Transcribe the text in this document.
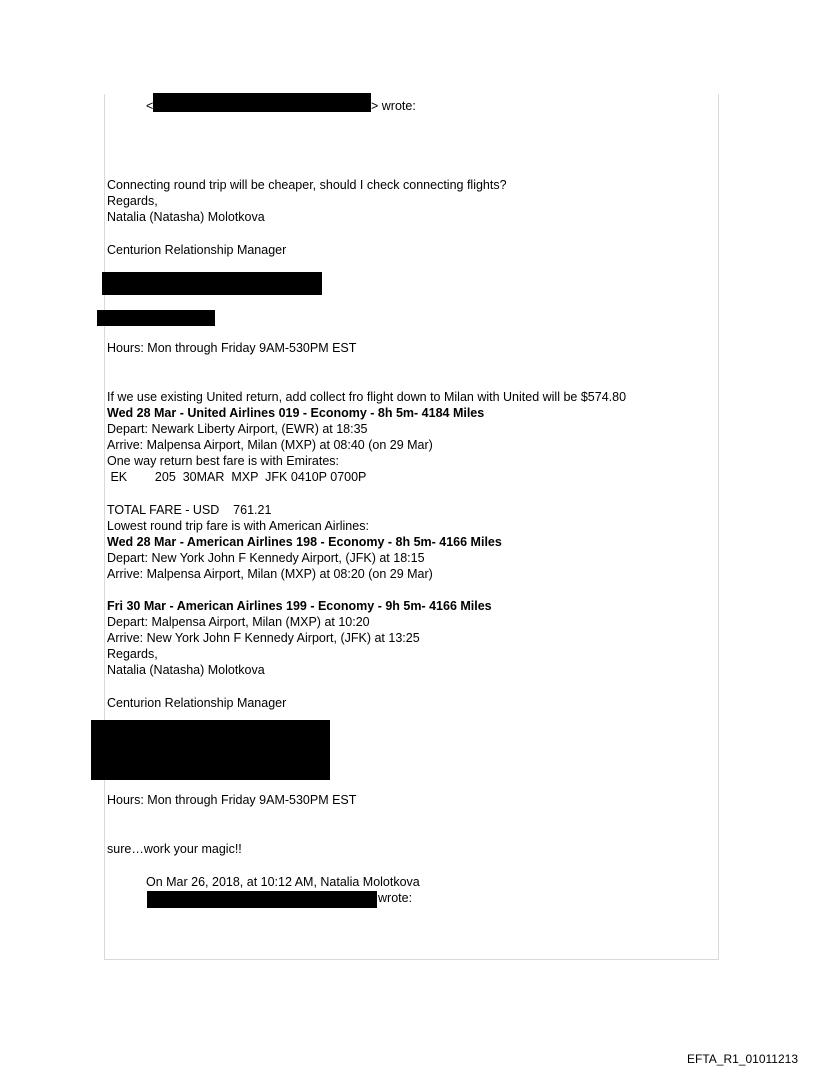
<	> wrote:
Connecting round trip will be cheaper, should I check connecting flights?
Regards,
Natalia (Natasha) Molotkova
Centurion Relationship Manager
Hours: Mon through Friday 9AM-530PM EST
If we use existing United return, add collect fro flight down to Milan with United will be $574.80
Wed 28 Mar - United Airlines 019 - Economy - 8h 5m- 4184 Miles
Depart: Newark Liberty Airport, (EWR) at 18:35
Arrive: Malpensa Airport, Milan (MXP) at 08:40 (on 29 Mar)
One way return best fare is with Emirates:
EK        205  30MAR  MXP  JFK 0410P 0700P
TOTAL FARE - USD    761.21
Lowest round trip fare is with American Airlines:
Wed 28 Mar - American Airlines 198 - Economy - 8h 5m- 4166 Miles
Depart: New York John F Kennedy Airport, (JFK) at 18:15
Arrive: Malpensa Airport, Milan (MXP) at 08:20 (on 29 Mar)
Fri 30 Mar - American Airlines 199 - Economy - 9h 5m- 4166 Miles
Depart: Malpensa Airport, Milan (MXP) at 10:20
Arrive: New York John F Kennedy Airport, (JFK) at 13:25
Regards,
Natalia (Natasha) Molotkova
Centurion Relationship Manager
Hours: Mon through Friday 9AM-530PM EST
sure…work your magic!!
On Mar 26, 2018, at 10:12 AM, Natalia Molotkova
wrote:
EFTA_R1_01011213
